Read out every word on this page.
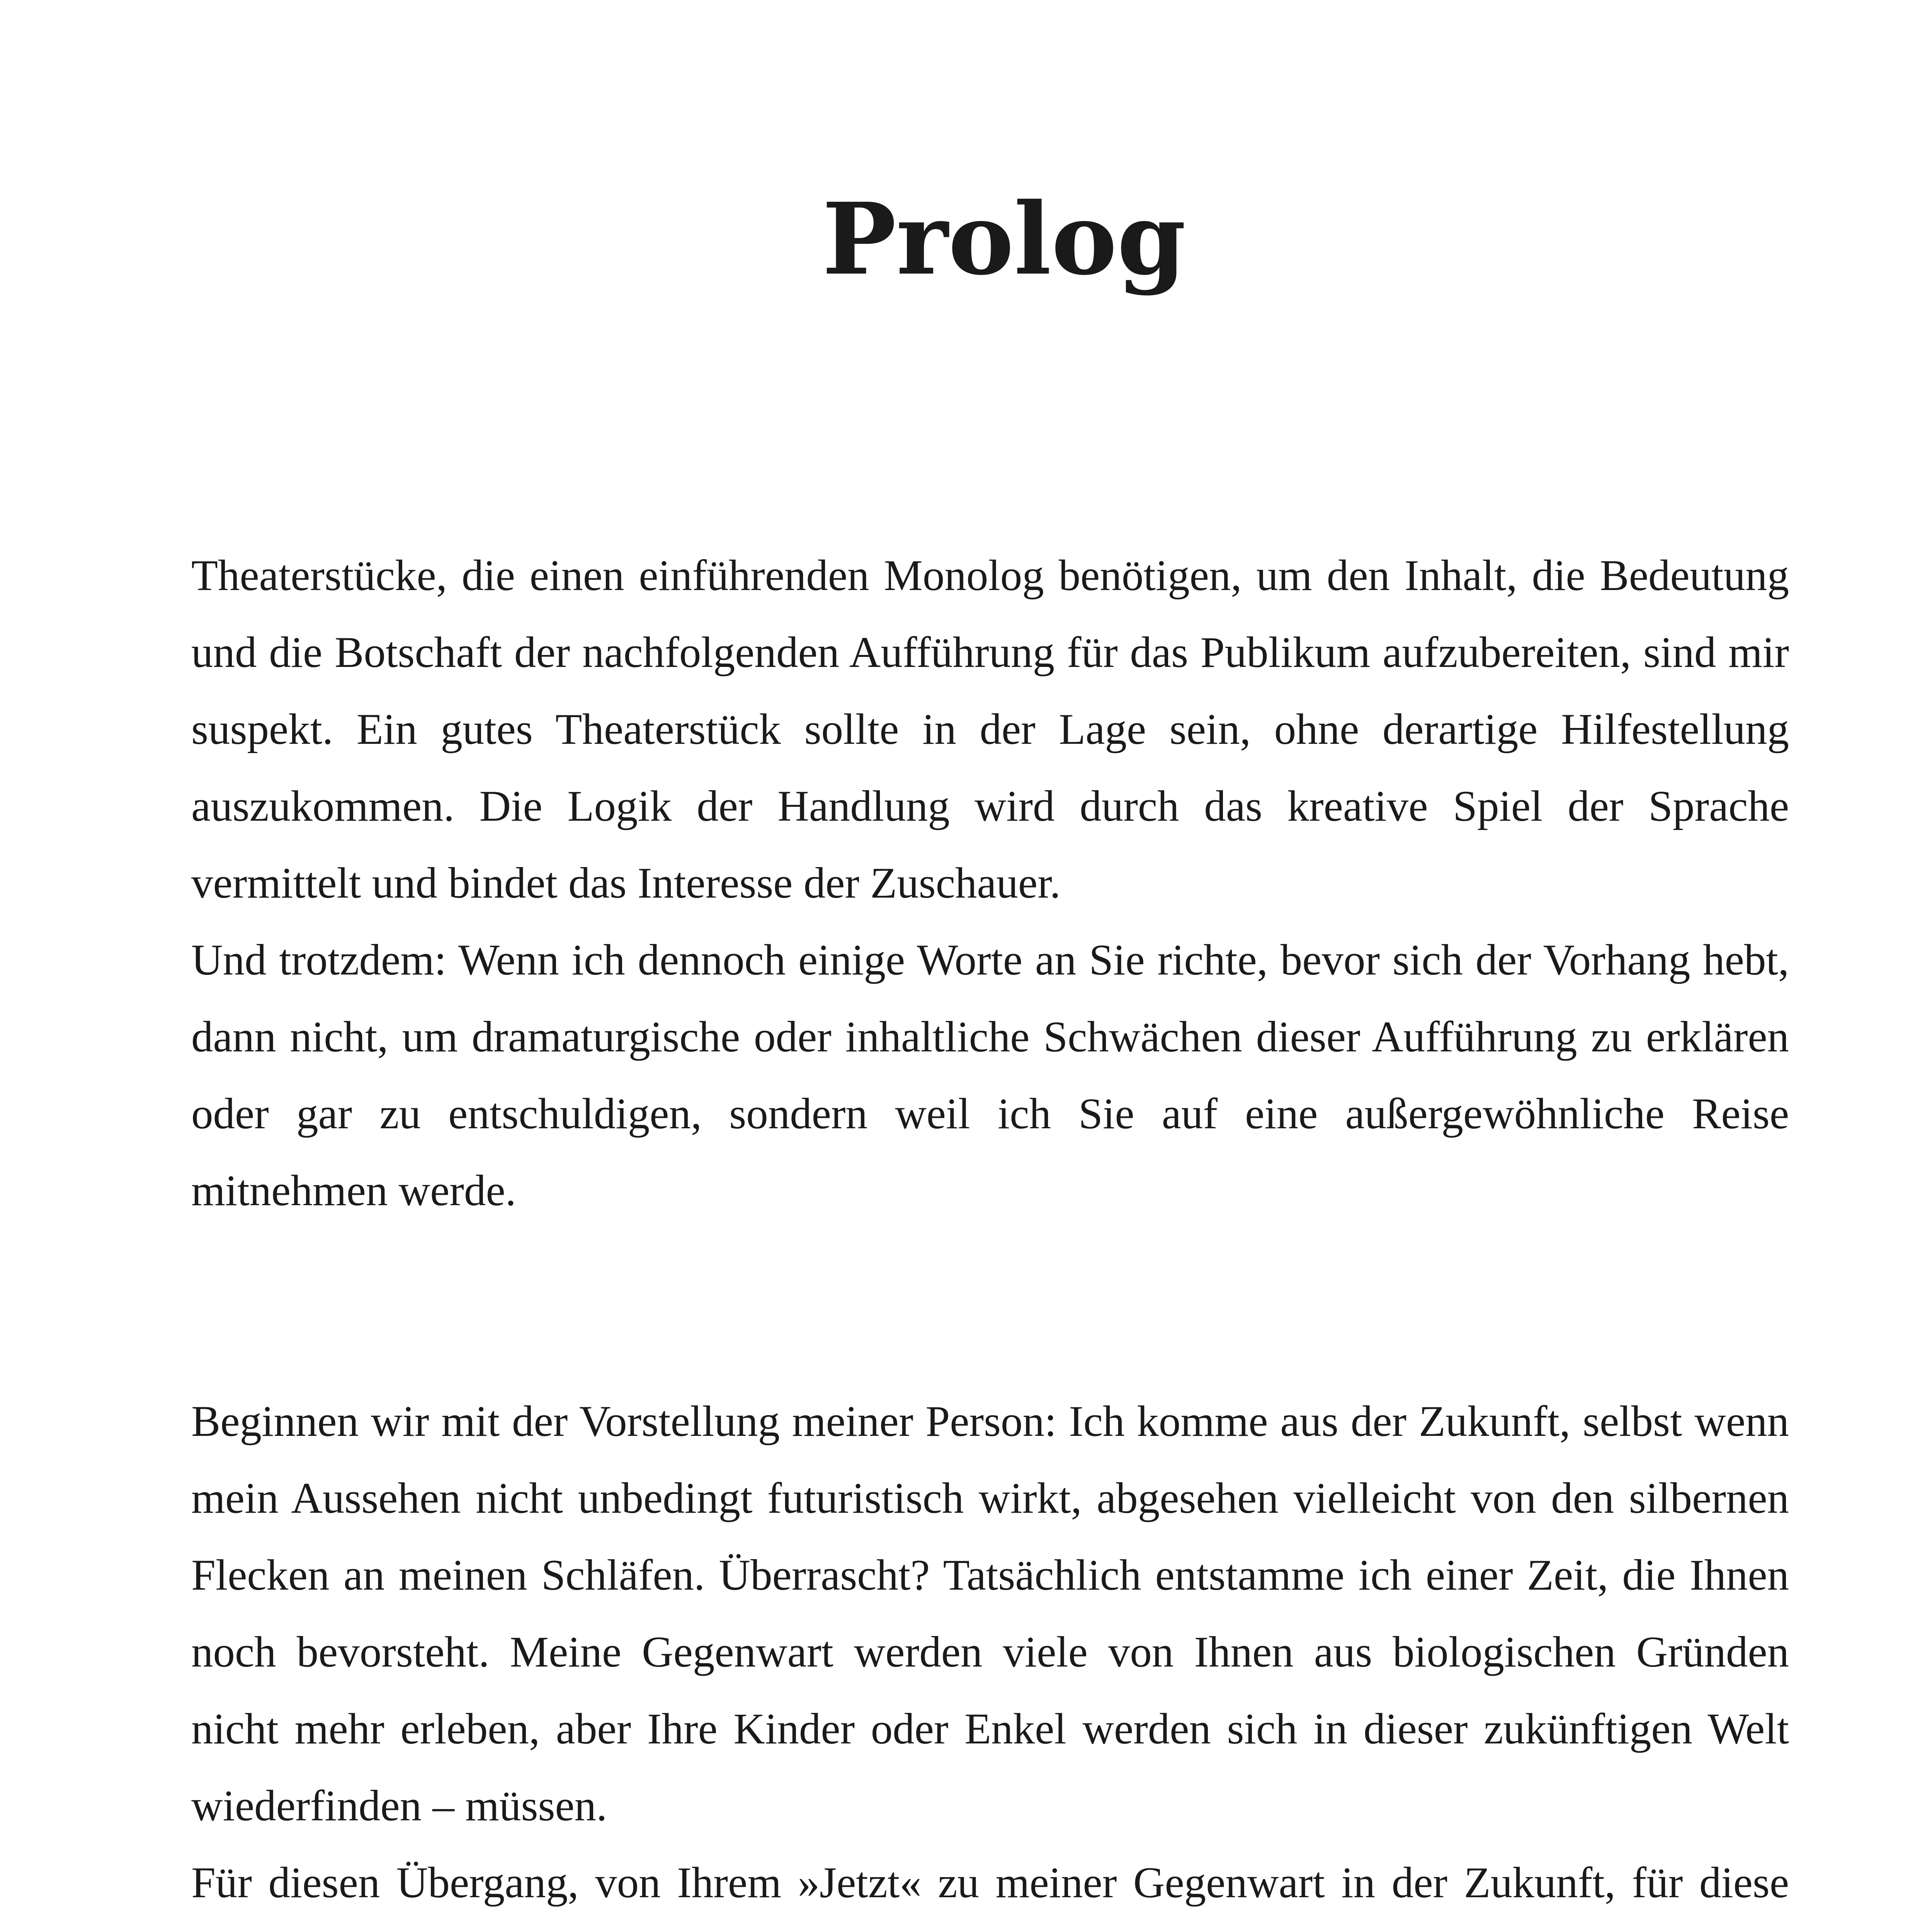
Prolog

Theaterstücke, die einen einführenden Monolog benötigen, um den Inhalt, die Bedeutung und die Botschaft der nachfolgenden Aufführung für das Publikum aufzubereiten, sind mir suspekt. Ein gutes Theaterstück sollte in der Lage sein, ohne derartige Hilfestellung auszukommen. Die Logik der Handlung wird durch das kreative Spiel der Sprache vermittelt und bindet das Interesse der Zuschauer.

Und trotzdem: Wenn ich dennoch einige Worte an Sie richte, bevor sich der Vorhang hebt, dann nicht, um dramaturgische oder inhaltliche Schwächen dieser Aufführung zu erklären oder gar zu entschuldigen, sondern weil ich Sie auf eine außergewöhnliche Reise mitnehmen werde.

Beginnen wir mit der Vorstellung meiner Person: Ich komme aus der Zukunft, selbst wenn mein Aussehen nicht unbedingt futuristisch wirkt, abgesehen vielleicht von den silbernen Flecken an meinen Schläfen. Überrascht? Tatsächlich entstamme ich einer Zeit, die Ihnen noch bevorsteht. Meine Gegenwart werden viele von Ihnen aus biologischen Gründen nicht mehr erleben, aber Ihre Kinder oder Enkel werden sich in dieser zukünftigen Welt wiederfinden – müssen.

Für diesen Übergang, von Ihrem »Jetzt« zu meiner Gegenwart in der Zukunft, für diese
